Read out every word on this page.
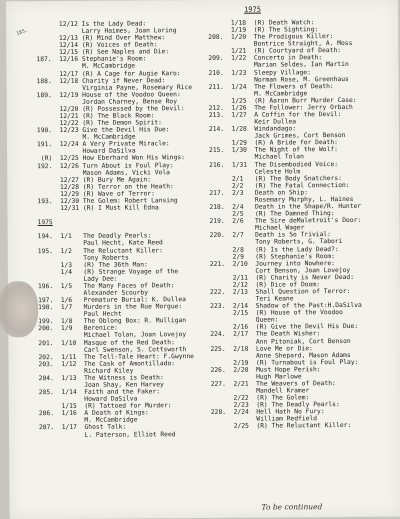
185.
1975
12/12 Is the Lady Dead:
Larry Haimes, Joan Loring
12/13 (R) Mind Over Matthew:
12/14 (R) Voices of Death:
12/15 (R) See Naples and Die:
187.  12/16 Stephanie's Room:
M. McCambridge
12/17 (R) A Cage for Augie Karo:
188.  12/18 Charity if Never Dead:
Virginia Payne, Rosemary Rice
189.  12/19 House of the Voodoo Queen:
Jordan Charney, Bense Roy
12/20 (R) Possessed by the Devil:
12/21 (R) The Black Room:
12/22 (R) The Demon Spirit:
190.  12/23 Give the Devil His Due:
M. McCambridge
191.  12/24 A Very Private Miracle:
Howard DaSilva
(R)  12/25 How Eberhard Won His Wings:
192.  12/26 Turn About is Foul Play:
Mason Adams, Vicki Vola
12/27 (R) Bury Me Again:
12/28 (R) Terror on the Heath:
12/29 (R) Wave of Terror:
193.  12/30 The Golem: Robert Lansing
12/31 (R) I Must Kill Edna
1975
194.  1/1   The Deadly Pearls:
Paul Hecht, Kate Reed
195.  1/2   The Reluctant Killer:
Tony Roberts
1/3   (R) The 36th Man:
1/4   (R) Strange Voyage of the
Lady Dee:
196.  1/5   The Many Faces of Death:
Alexander Scourby
197.  1/6   Premature Burial: K. Dullea
198.  1/7   Murders in the Rue Morgue:
Paul Hecht
199.  1/8   The Oblong Box: R. Mulligan
200.  1/9   Berenice:
Michael Tolan, Joan Lovejoy
201.  1/10  Masque of the Red Death:
Carl Swenson, S. Cottsworth
202.  1/11  The Tell-Tale Heart: F.Gwynne
203.  1/12  The Cask of Amontillado:
Richard Kiley
204.  1/13  The Witness is Death:
Joan Shay, Ken Harvey
205.  1/14  Faith and the Faker:
Howard DaSilva
1/15  (R) Tattoed for Murder:
206.  1/16  A Death of Kings:
M. McCambridge
207.  1/17  Ghost Talk:
L. Paterson, Elliot Reed
1/18  (R) Death Watch:
1/19  (R) The Sighting:
208.  1/20  The Prodigous Killer:
Bontrice Straight, A. Moss
1/21  (R) Courtyard of Death:
209.  1/22  Concerto in Death:
Marian Seldes, Ian Martin
210.  1/23  Sleepy Village:
Norman Rose, M. Greenhaus
211.  1/24  The Flowers of Death:
M. McCambridge
1/25  (R) Aaron Burr Murder Case:
212.  1/26  The Follower: Jerry Orbach
213.  1/27  A Coffin for the Devil:
Keir Dullea
214.  1/28  Windandago:
Jack Grimes, Cort Benson
1/29  (R) A Bride for Death:
215.  1/30  The Night of the Wolf:
Michael Tolan
216.  1/31  The Disembodied Voice:
Celeste Holm
2/1   (R) The Body Snatchers:
2/2   (R) The Fatal Connection:
217.  2/3   Death on Ship:
Rosemary Murphy, L. Haines
218.  2/4   Death in the Shape/R. Hunter
2/5   (R) The Damned Thing:
219.  2/6   The Sire deMaletroit's Door:
Michael Wager
220.  2/7   Death is So Trivial:
Tony Roberts, G. Tabori
2/8   (R) Is the Lady Dead?:
2/9   (R) Stephanie's Room:
221.  2/10  Journey into Nowhere:
Cort Benson, Joan Lovejoy
2/11  (R) Charity is Never Dead:
2/12  (R) Dice of Doom:
222.  2/13  Shall Question of Terror:
Teri Keane
223.  2/14  Shadow of the Past:H.DaSilva
2/15  (R) House of the Voodoo
Queen:
2/16  (R) Give the Devil His Due:
224.  2/17  The Death Wisher:
Ann Pitoniak, Cort Benson
225.  2/18  Love Me or Die:
Anne Shepard, Mason Adams
2/19  (R) Turnabout is Foul Play:
226.  2/20  Must Hope Perish:
Hugh Marlowe
227.  2/21  The Weavers of Death:
Mandell Kramer
2/22  (R) The Golem:
2/23  (R) The Deadly Pearls:
228.  2/24  Hell Hath No Fury:
William Redfield
2/25  (R) The Reluctant Killer:
To be continued
